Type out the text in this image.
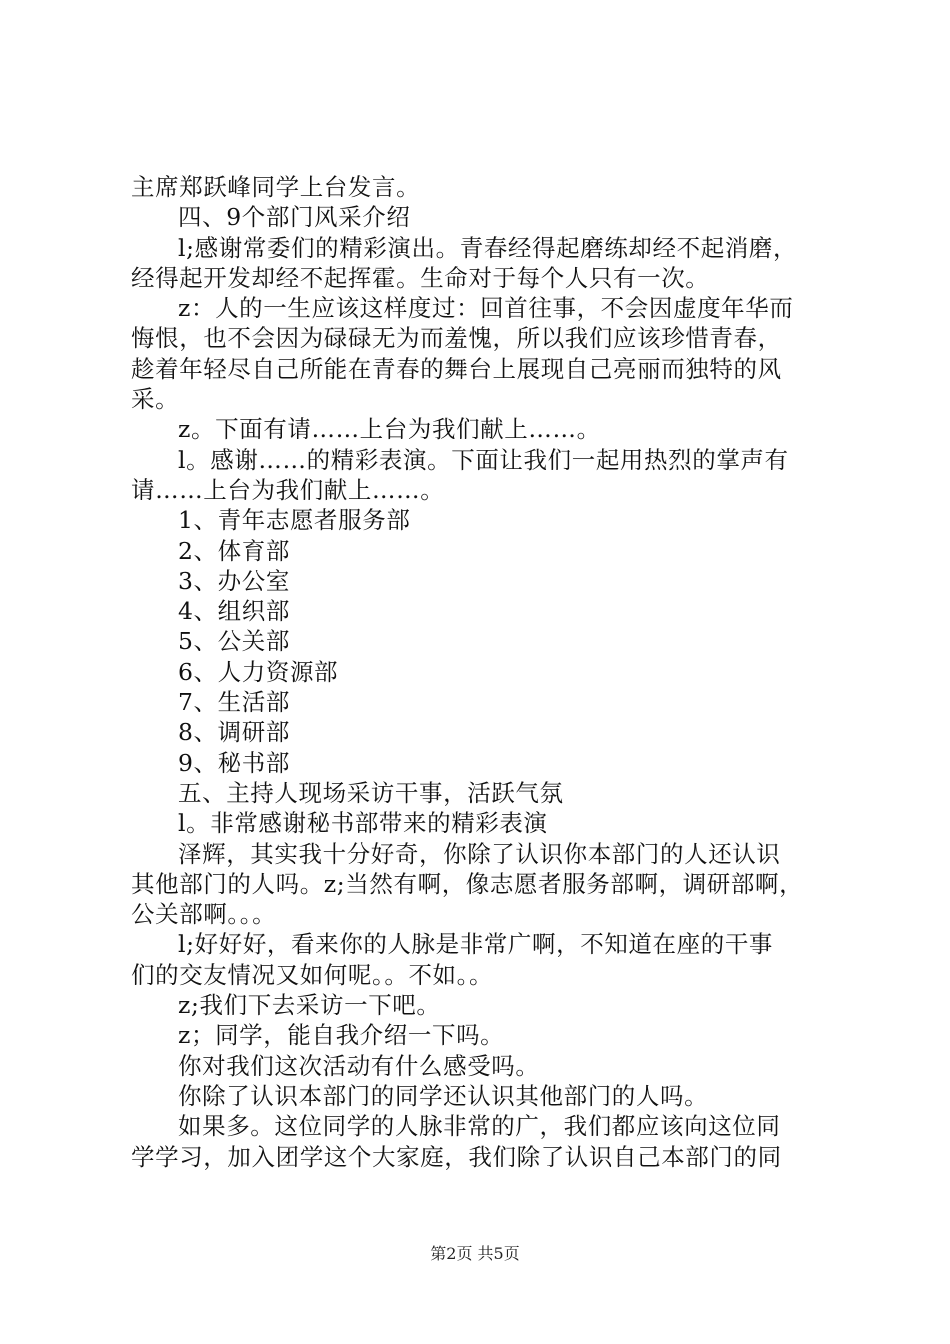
主席郑跃峰同学上台发言。
四、9个部门风采介绍
l;感谢常委们的精彩演出。青春经得起磨练却经不起消磨，
经得起开发却经不起挥霍。生命对于每个人只有一次。
z：人的一生应该这样度过：回首往事，不会因虚度年华而
悔恨，也不会因为碌碌无为而羞愧，所以我们应该珍惜青春，
趁着年轻尽自己所能在青春的舞台上展现自己亮丽而独特的风
采。
z。下面有请……上台为我们献上……。
l。感谢……的精彩表演。下面让我们一起用热烈的掌声有
请……上台为我们献上……。
1、青年志愿者服务部
2、体育部
3、办公室
4、组织部
5、公关部
6、人力资源部
7、生活部
8、调研部
9、秘书部
五、主持人现场采访干事，活跃气氛
l。非常感谢秘书部带来的精彩表演
泽辉，其实我十分好奇，你除了认识你本部门的人还认识
其他部门的人吗。z;当然有啊，像志愿者服务部啊，调研部啊，
公关部啊。。。
l;好好好，看来你的人脉是非常广啊，不知道在座的干事
们的交友情况又如何呢。。不如。。
z;我们下去采访一下吧。
z；同学，能自我介绍一下吗。
你对我们这次活动有什么感受吗。
你除了认识本部门的同学还认识其他部门的人吗。
如果多。这位同学的人脉非常的广，我们都应该向这位同
学学习，加入团学这个大家庭，我们除了认识自己本部门的同
第2页 共5页
